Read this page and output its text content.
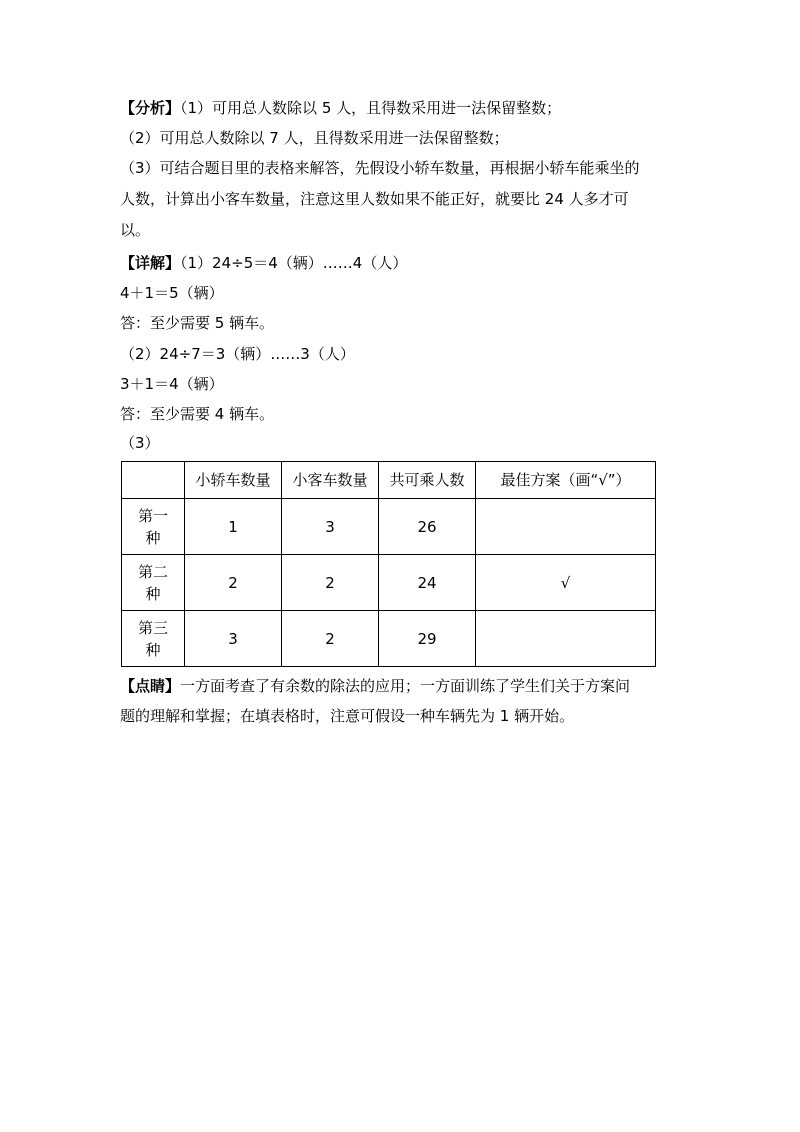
【分析】（1）可用总人数除以 5 人，且得数采用进一法保留整数；
（2）可用总人数除以 7 人，且得数采用进一法保留整数；
（3）可结合题目里的表格来解答，先假设小轿车数量，再根据小轿车能乘坐的
人数，计算出小客车数量，注意这里人数如果不能正好，就要比 24 人多才可
以。
【详解】（1）24÷5＝4（辆）……4（人）
4＋1＝5（辆）
答：至少需要 5 辆车。
（2）24÷7＝3（辆）……3（人）
3＋1＝4（辆）
答：至少需要 4 辆车。
（3）
	小轿车数量	小客车数量	共可乘人数	最佳方案（画“√”）
第一种	1	3	26	
第二种	2	2	24	√
第三种	3	2	29	
【点睛】一方面考查了有余数的除法的应用；一方面训练了学生们关于方案问
题的理解和掌握；在填表格时，注意可假设一种车辆先为 1 辆开始。
